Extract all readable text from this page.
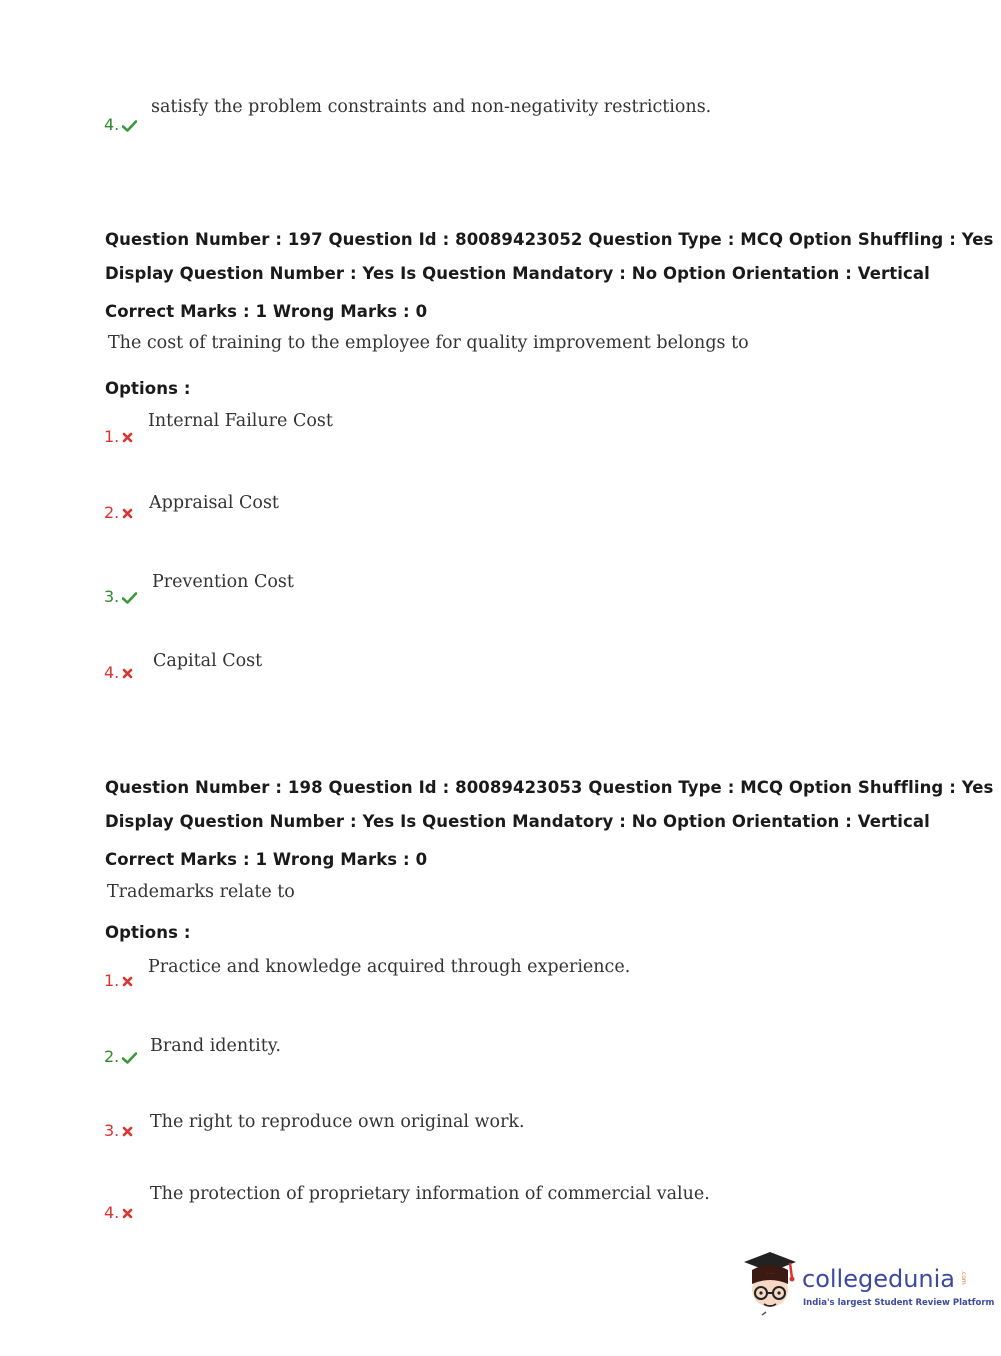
4.
satisfy the problem constraints and non-negativity restrictions.
Question Number : 197 Question Id : 80089423052 Question Type : MCQ Option Shuffling : Yes
Display Question Number : Yes Is Question Mandatory : No Option Orientation : Vertical
Correct Marks : 1 Wrong Marks : 0
The cost of training to the employee for quality improvement belongs to
Options :
1.
Internal Failure Cost
2.	Appraisal Cost
3.
Prevention Cost
4.
Capital Cost
Question Number : 198 Question Id : 80089423053 Question Type : MCQ Option Shuffling : Yes
Display Question Number : Yes Is Question Mandatory : No Option Orientation : Vertical
Correct Marks : 1 Wrong Marks : 0
Trademarks relate to
Options :
1.
Practice and knowledge acquired through experience.
2.
Brand identity.
3.	The right to reproduce own original work.
4.
The protection of proprietary information of commercial value.
collegedunia .com
India's largest Student Review Platform
